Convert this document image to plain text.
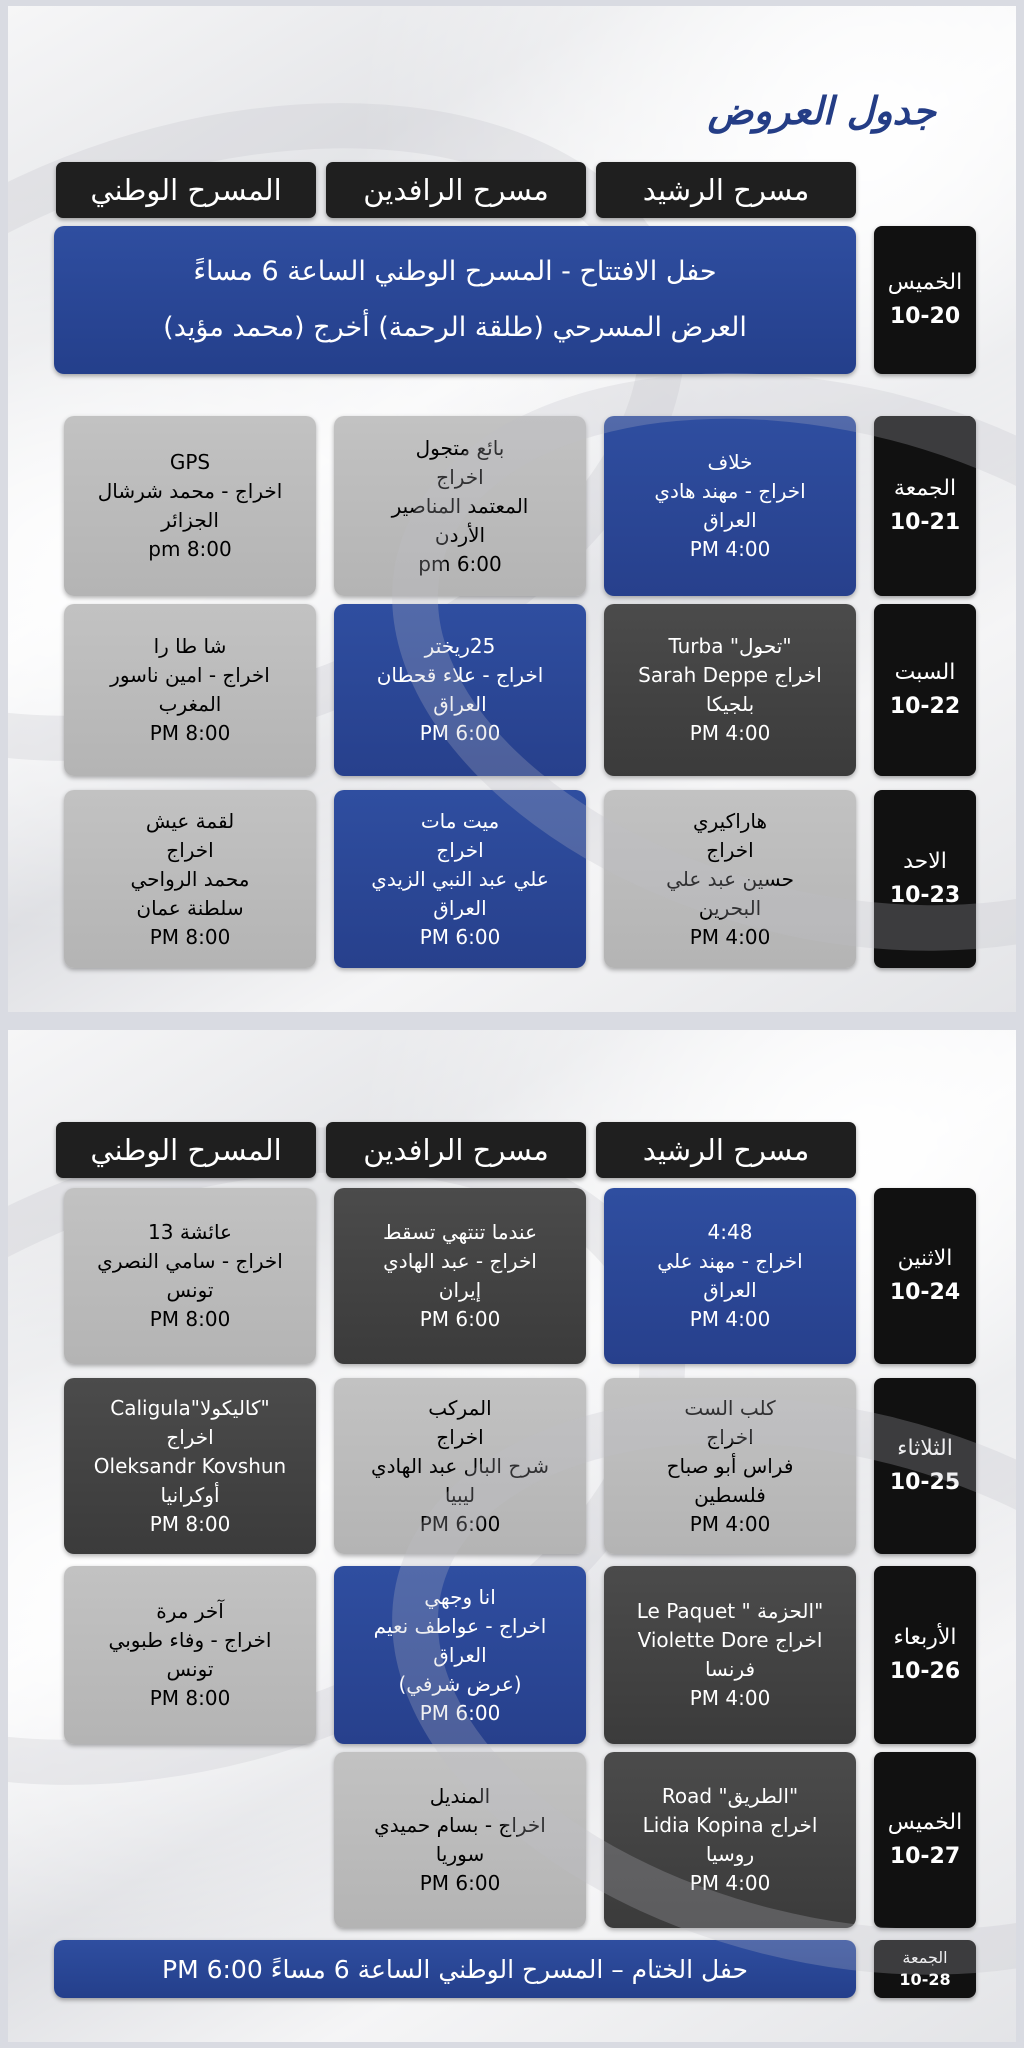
جدول العروض
مسرح الرشيد
مسرح الرافدين
المسرح الوطني
الخميس
10-20
حفل الافتتاح - المسرح الوطني الساعة 6 مساءً
العرض المسرحي (طلقة الرحمة) أخرج (محمد مؤيد)
الجمعة
10-21
خلاف
اخراج - مهند هادي
العراق
PM 4:00
بائع متجول
اخراج
المعتمد المناصير
الأردن
pm 6:00
GPS
اخراج - محمد شرشال
الجزائر
pm 8:00
السبت
10-22
"تحول" Turba
اخراج Sarah Deppe
بلجيكا
PM 4:00
25ريختر
اخراج - علاء قحطان
العراق
PM 6:00
شا طا را
اخراج - امين ناسور
المغرب
PM 8:00
الاحد
10-23
هاراكيري
اخراج
حسين عبد علي
البحرين
PM 4:00
ميت مات
اخراج
علي عبد النبي الزيدي
العراق
PM 6:00
لقمة عيش
اخراج
محمد الرواحي
سلطنة عمان
PM 8:00
مسرح الرشيد
مسرح الرافدين
المسرح الوطني
الاثنين
10-24
4:48
اخراج - مهند علي
العراق
PM 4:00
عندما تنتهي تسقط
اخراج - عبد الهادي
إيران
PM 6:00
عائشة 13
اخراج - سامي النصري
تونس
PM 8:00
الثلاثاء
10-25
كلب الست
اخراج
فراس أبو صباح
فلسطين
PM 4:00
المركب
اخراج
شرح البال عبد الهادي
ليبيا
PM 6:00
"كاليكولا"Caligula
اخراج
Oleksandr Kovshun
أوكرانيا
PM 8:00
الأربعاء
10-26
"الحزمة " Le Paquet
اخراج Violette Dore
فرنسا
PM 4:00
انا وجهي
اخراج - عواطف نعيم
العراق
(عرض شرفي)
PM 6:00
آخر مرة
اخراج - وفاء طبوبي
تونس
PM 8:00
الخميس
10-27
"الطريق" Road
اخراج Lidia Kopina
روسيا
PM 4:00
المنديل
اخراج - بسام حميدي
سوريا
PM 6:00
الجمعة
10-28
حفل الختام – المسرح الوطني الساعة 6 مساءً PM 6:00
